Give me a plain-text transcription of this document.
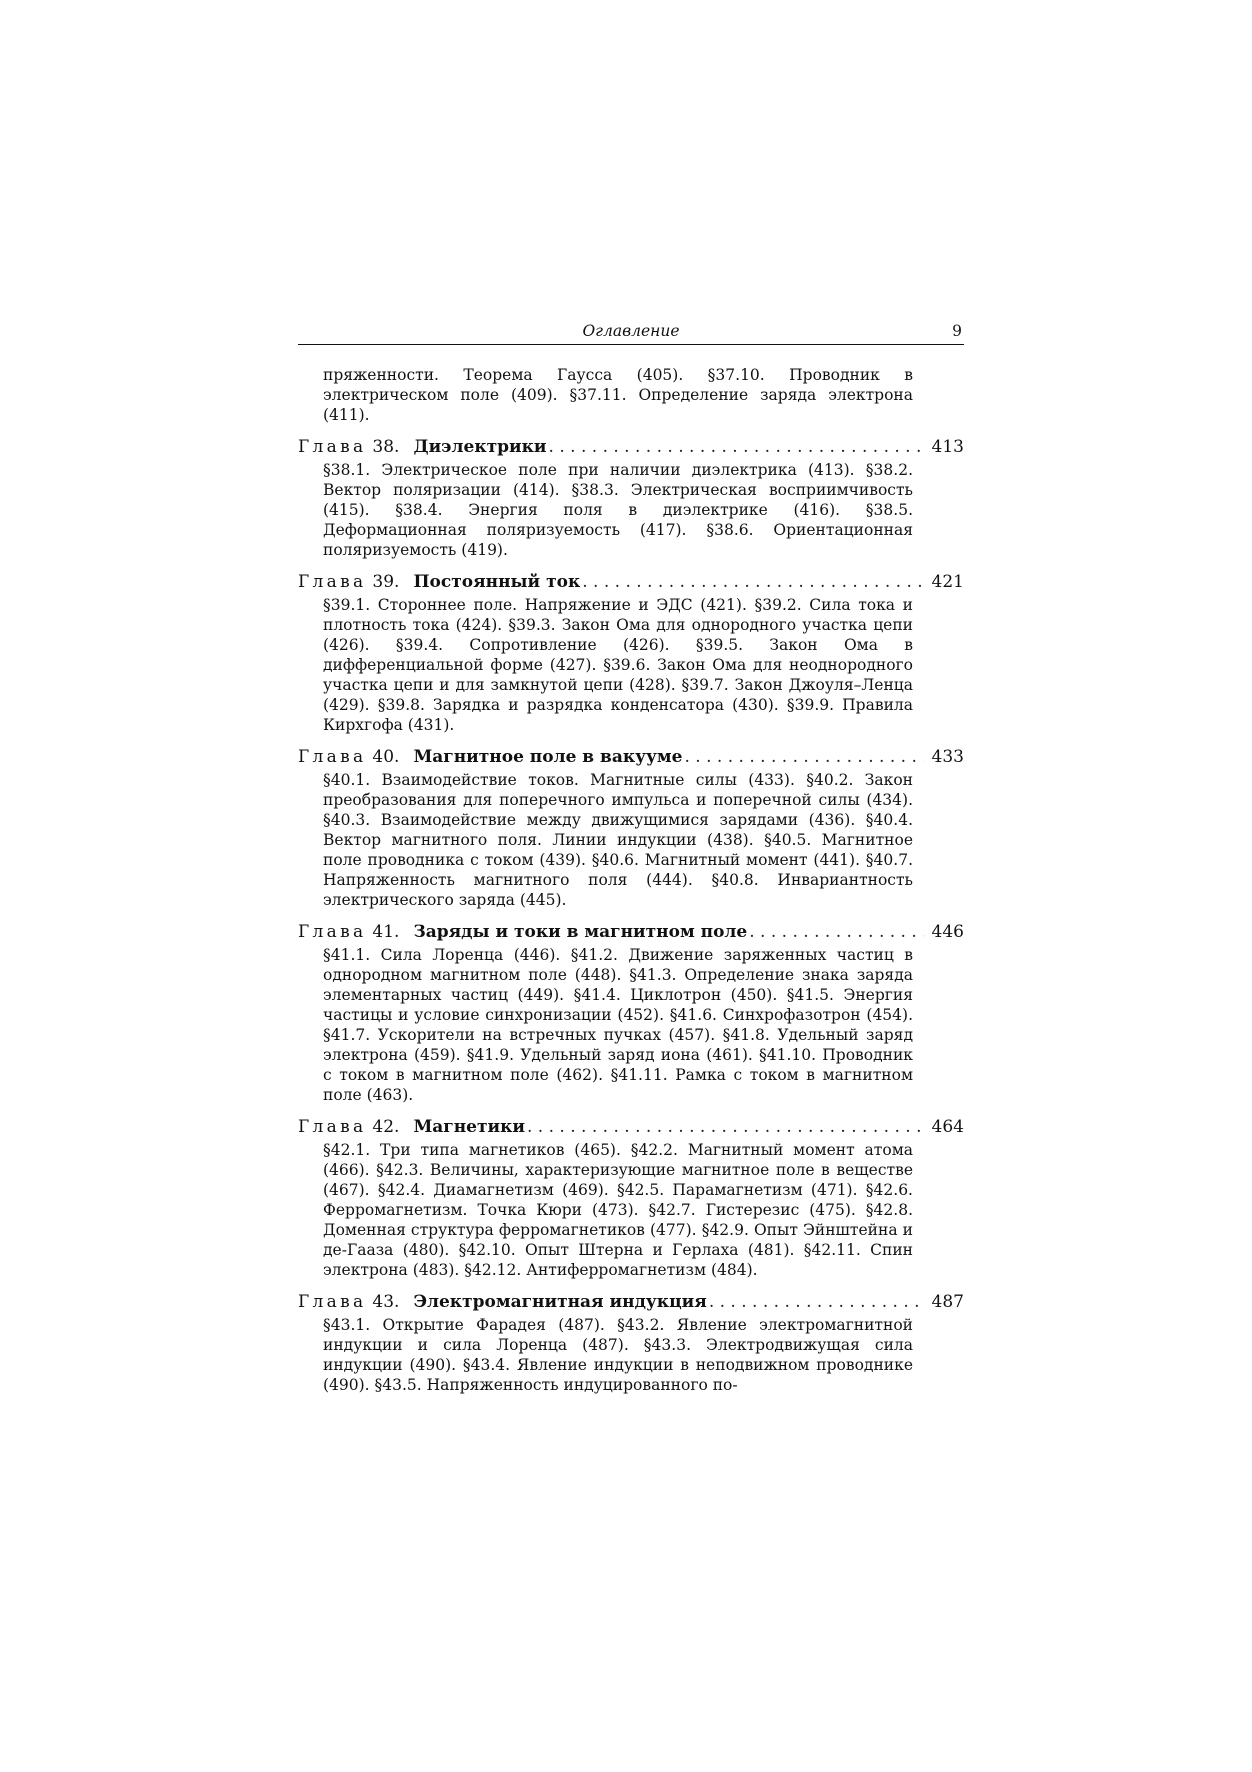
Оглавление	9
пряженности. Теорема Гаусса (405). §37.10. Проводник в электрическом поле (409). §37.11. Определение заряда электрона (411).
Глава 38. Диэлектрики . . .	413
§38.1. Электрическое поле при наличии диэлектрика (413). §38.2. Вектор поляризации (414). §38.3. Электрическая восприимчивость (415). §38.4. Энергия поля в диэлектрике (416). §38.5. Деформационная поляризуемость (417). §38.6. Ориентационная поляризуемость (419).
Глава 39. Постоянный ток . . .	421
§39.1. Стороннее поле. Напряжение и ЭДС (421). §39.2. Сила тока и плотность тока (424). §39.3. Закон Ома для однородного участка цепи (426). §39.4. Сопротивление (426). §39.5. Закон Ома в дифференциальной форме (427). §39.6. Закон Ома для неоднородного участка цепи и для замкнутой цепи (428). §39.7. Закон Джоуля–Ленца (429). §39.8. Зарядка и разрядка конденсатора (430). §39.9. Правила Кирхгофа (431).
Глава 40. Магнитное поле в вакууме . . .	433
§40.1. Взаимодействие токов. Магнитные силы (433). §40.2. Закон преобразования для поперечного импульса и поперечной силы (434). §40.3. Взаимодействие между движущимися зарядами (436). §40.4. Вектор магнитного поля. Линии индукции (438). §40.5. Магнитное поле проводника с током (439). §40.6. Магнитный момент (441). §40.7. Напряженность магнитного поля (444). §40.8. Инвариантность электрического заряда (445).
Глава 41. Заряды и токи в магнитном поле . . .	446
§41.1. Сила Лоренца (446). §41.2. Движение заряженных частиц в однородном магнитном поле (448). §41.3. Определение знака заряда элементарных частиц (449). §41.4. Циклотрон (450). §41.5. Энергия частицы и условие синхронизации (452). §41.6. Синхрофазотрон (454). §41.7. Ускорители на встречных пучках (457). §41.8. Удельный заряд электрона (459). §41.9. Удельный заряд иона (461). §41.10. Проводник с током в магнитном поле (462). §41.11. Рамка с током в магнитном поле (463).
Глава 42. Магнетики . . .	464
§42.1. Три типа магнетиков (465). §42.2. Магнитный момент атома (466). §42.3. Величины, характеризующие магнитное поле в веществе (467). §42.4. Диамагнетизм (469). §42.5. Парамагнетизм (471). §42.6. Ферромагнетизм. Точка Кюри (473). §42.7. Гистерезис (475). §42.8. Доменная структура ферромагнетиков (477). §42.9. Опыт Эйнштейна и де-Гааза (480). §42.10. Опыт Штерна и Герлаха (481). §42.11. Спин электрона (483). §42.12. Антиферромагнетизм (484).
Глава 43. Электромагнитная индукция . . .	487
§43.1. Открытие Фарадея (487). §43.2. Явление электромагнитной индукции и сила Лоренца (487). §43.3. Электродвижущая сила индукции (490). §43.4. Явление индукции в неподвижном проводнике (490). §43.5. Напряженность индуцированного по-
